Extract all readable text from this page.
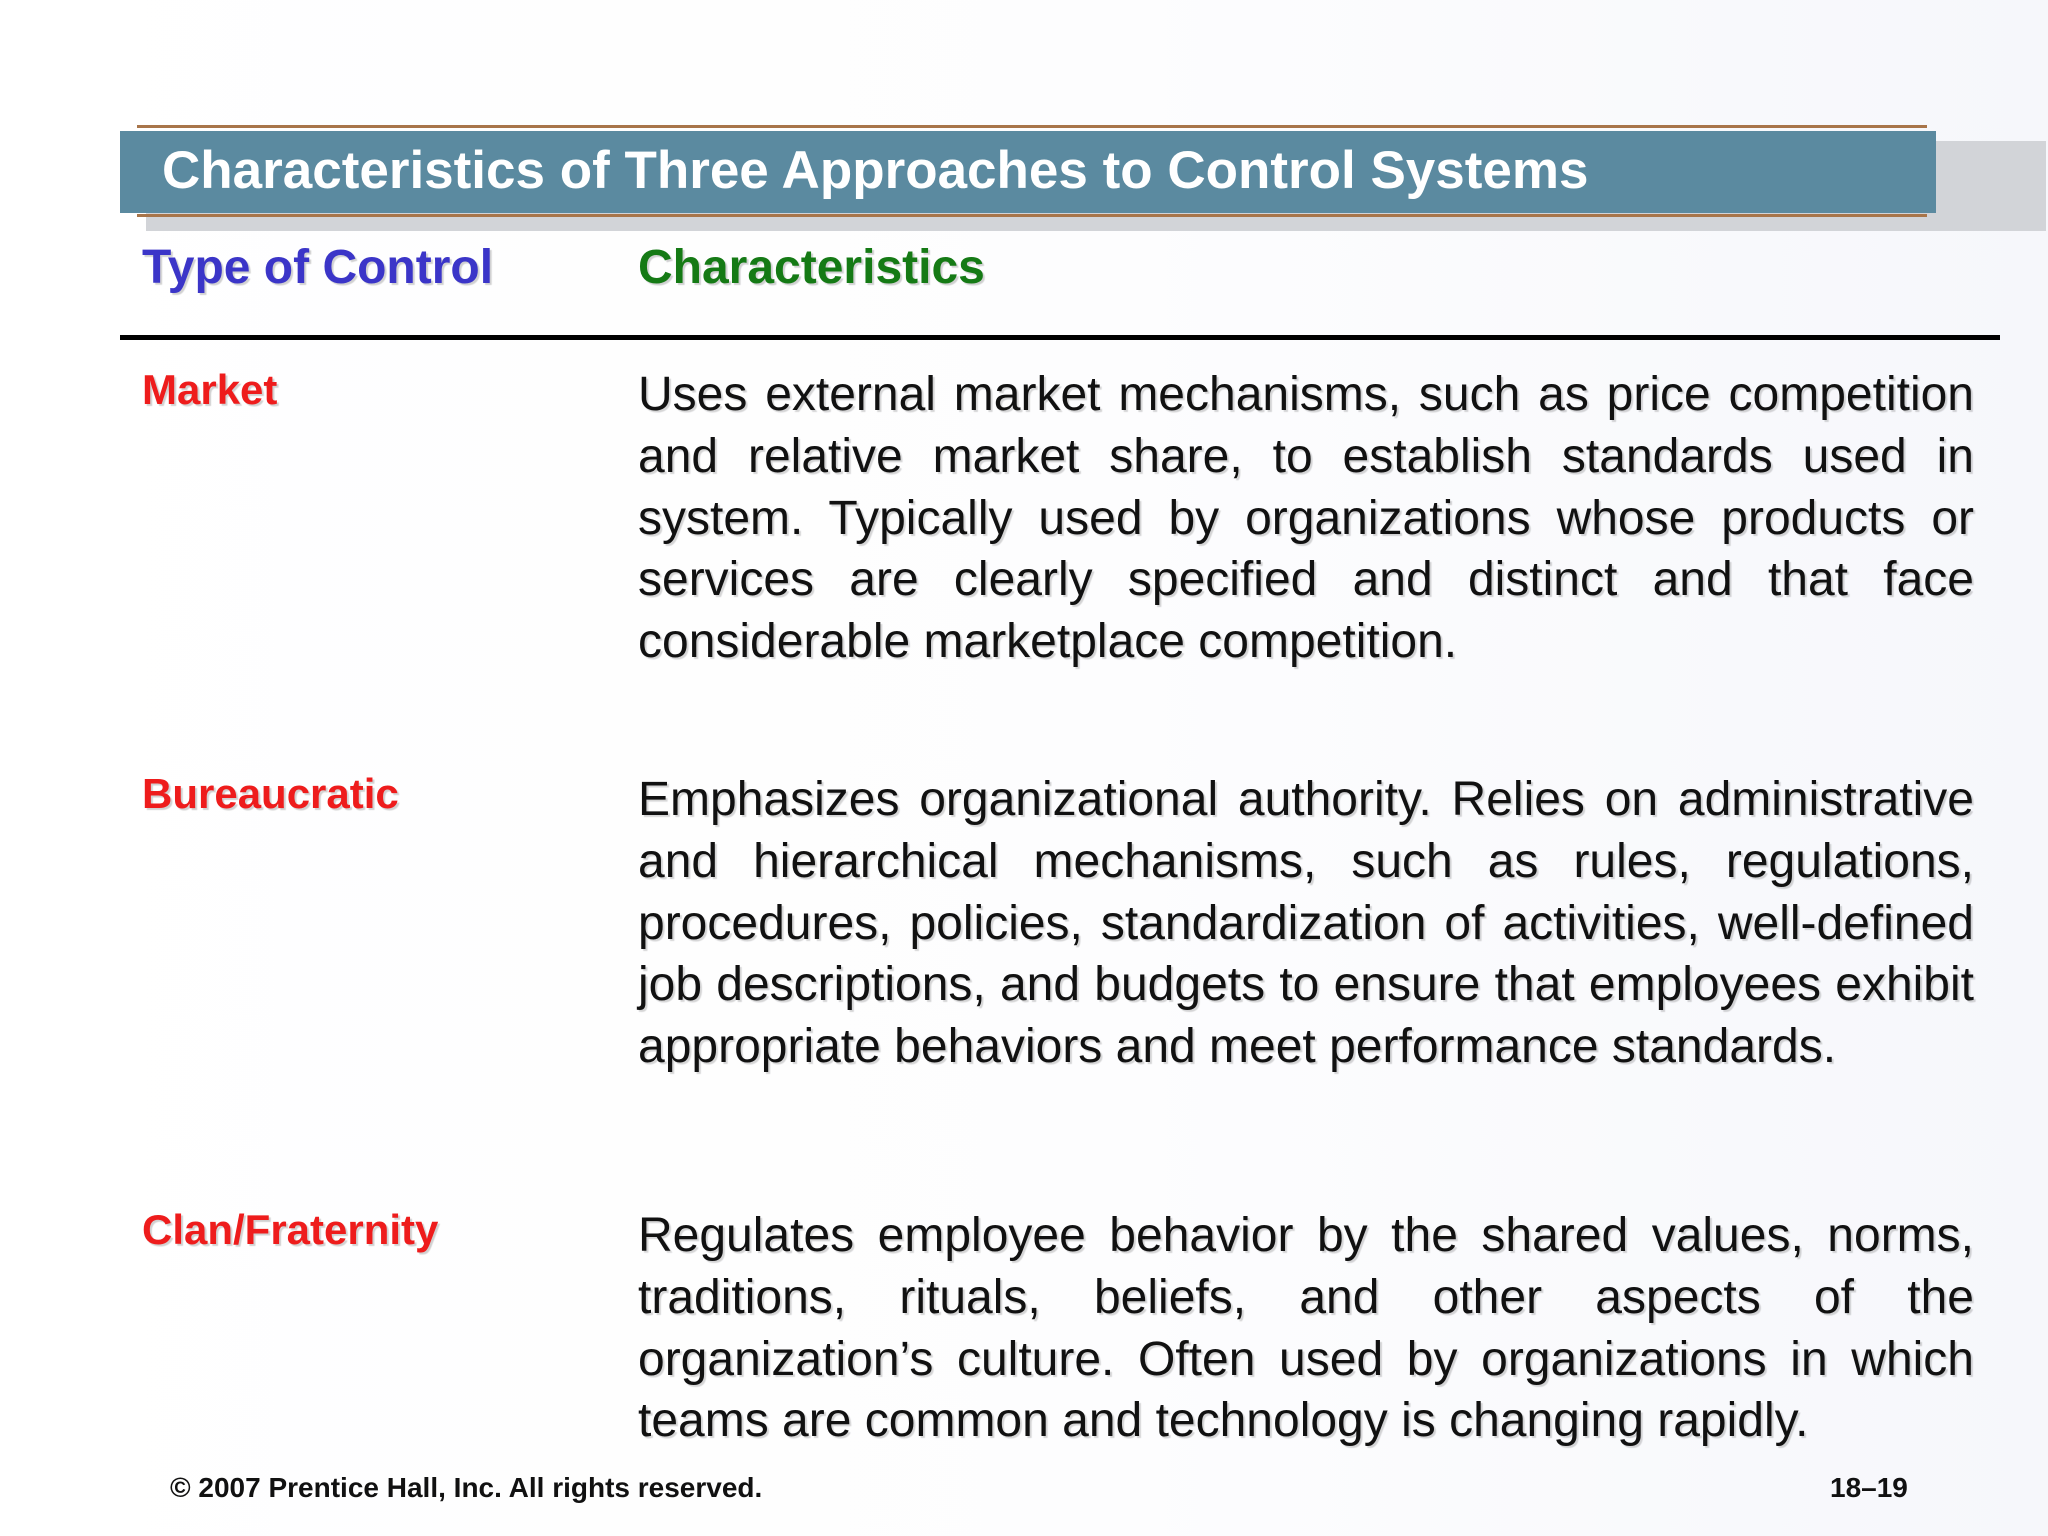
Characteristics of Three Approaches to Control Systems
Type of Control	Characteristics
Market	Uses external market mechanisms, such as price competition and relative market share, to establish standards used in system. Typically used by organizations whose products or services are clearly specified and distinct and that face considerable marketplace competition.
Bureaucratic	Emphasizes organizational authority. Relies on administrative and hierarchical mechanisms, such as rules, regulations, procedures, policies, standardization of activities, well-defined job descriptions, and budgets to ensure that employees exhibit appropriate behaviors and meet performance standards.
Clan/Fraternity	Regulates employee behavior by the shared values, norms, traditions, rituals, beliefs, and other aspects of the organization’s culture. Often used by organizations in which teams are common and technology is changing rapidly.
© 2007 Prentice Hall, Inc. All rights reserved.	18–19
